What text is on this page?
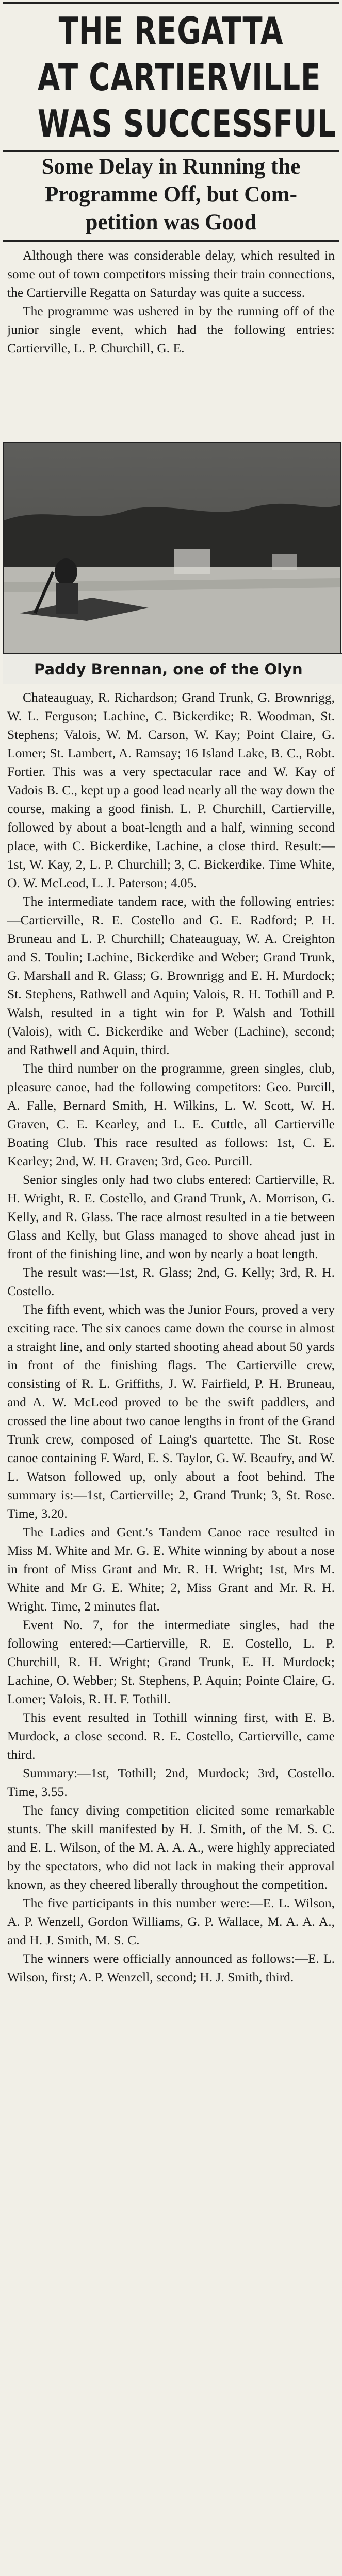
THE REGATTA
AT CARTIERVILLE
WAS SUCCESSFUL
Some Delay in Running the
Programme Off, but Com-
petition was Good

Although there was considerable delay, which resulted in some out of town competitors missing their train connections, the Cartierville Regatta on Saturday was quite a success.

The programme was ushered in by the running off of the junior single event, which had the following entries: Cartierville, L. P. Churchill, G. E.

Paddy Brennan, one of the Olyn

Chateauguay, R. Richardson; Grand Trunk, G. Brownrigg, W. L. Ferguson; Lachine, C. Bickerdike; R. Woodman, St. Stephens; Valois, W. M. Carson, W. Kay; Point Claire, G. Lomer; St. Lambert, A. Ramsay; 16 Island Lake, B. C., Robt. Fortier. This was a very spectacular race and W. Kay of Vadois B. C., kept up a good lead nearly all the way down the course, making a good finish. L. P. Churchill, Cartierville, followed by about a boat-length and a half, winning second place, with C. Bickerdike, Lachine, a close third. Result:—1st, W. Kay, 2, L. P. Churchill; 3, C. Bickerdike. Time White, O. W. McLeod, L. J. Paterson; 4.05.

The intermediate tandem race, with the following entries:—Cartierville, R. E. Costello and G. E. Radford; P. H. Bruneau and L. P. Churchill; Chateauguay, W. A. Creighton and S. Toulin; Lachine, Bickerdike and Weber; Grand Trunk, G. Marshall and R. Glass; G. Brownrigg and E. H. Murdock; St. Stephens, Rathwell and Aquin; Valois, R. H. Tothill and P. Walsh, resulted in a tight win for P. Walsh and Tothill (Valois), with C. Bickerdike and Weber (Lachine), second; and Rathwell and Aquin, third.

The third number on the programme, green singles, club, pleasure canoe, had the following competitors: Geo. Purcill, A. Falle, Bernard Smith, H. Wilkins, L. W. Scott, W. H. Graven, C. E. Kearley, and L. E. Cuttle, all Cartierville Boating Club. This race resulted as follows: 1st, C. E. Kearley; 2nd, W. H. Graven; 3rd, Geo. Purcill.

Senior singles only had two clubs entered: Cartierville, R. H. Wright, R. E. Costello, and Grand Trunk, A. Morrison, G. Kelly, and R. Glass. The race almost resulted in a tie between Glass and Kelly, but Glass managed to shove ahead just in front of the finishing line, and won by nearly a boat length.

The result was:—1st, R. Glass; 2nd, G. Kelly; 3rd, R. H. Costello.

The fifth event, which was the Junior Fours, proved a very exciting race. The six canoes came down the course in almost a straight line, and only started shooting ahead about 50 yards in front of the finishing flags. The Cartierville crew, consisting of R. L. Griffiths, J. W. Fairfield, P. H. Bruneau, and A. W. McLeod proved to be the swift paddlers, and crossed the line about two canoe lengths in front of the Grand Trunk crew, composed of Laing's quartette. The St. Rose canoe containing F. Ward, E. S. Taylor, G. W. Beaufry, and W. L. Watson followed up, only about a foot behind. The summary is:—1st, Cartierville; 2, Grand Trunk; 3, St. Rose. Time, 3.20.

The Ladies and Gent.'s Tandem Canoe race resulted in Miss M. White and Mr. G. E. White winning by about a nose in front of Miss Grant and Mr. R. H. Wright; 1st, Mrs M. White and Mr G. E. White; 2, Miss Grant and Mr. R. H. Wright. Time, 2 minutes flat.

Event No. 7, for the intermediate singles, had the following entered:—Cartierville, R. E. Costello, L. P. Churchill, R. H. Wright; Grand Trunk, E. H. Murdock; Lachine, O. Webber; St. Stephens, P. Aquin; Pointe Claire, G. Lomer; Valois, R. H. F. Tothill.

This event resulted in Tothill winning first, with E. B. Murdock, a close second. R. E. Costello, Cartierville, came third.

Summary:—1st, Tothill; 2nd, Murdock; 3rd, Costello. Time, 3.55.

The fancy diving competition elicited some remarkable stunts. The skill manifested by H. J. Smith, of the M. S. C. and E. L. Wilson, of the M. A. A. A., were highly appreciated by the spectators, who did not lack in making their approval known, as they cheered liberally throughout the competition.

The five participants in this number were:—E. L. Wilson, A. P. Wenzell, Gordon Williams, G. P. Wallace, M. A. A. A., and H. J. Smith, M. S. C.

The winners were officially announced as follows:—E. L. Wilson, first; A. P. Wenzell, second; H. J. Smith, third.
